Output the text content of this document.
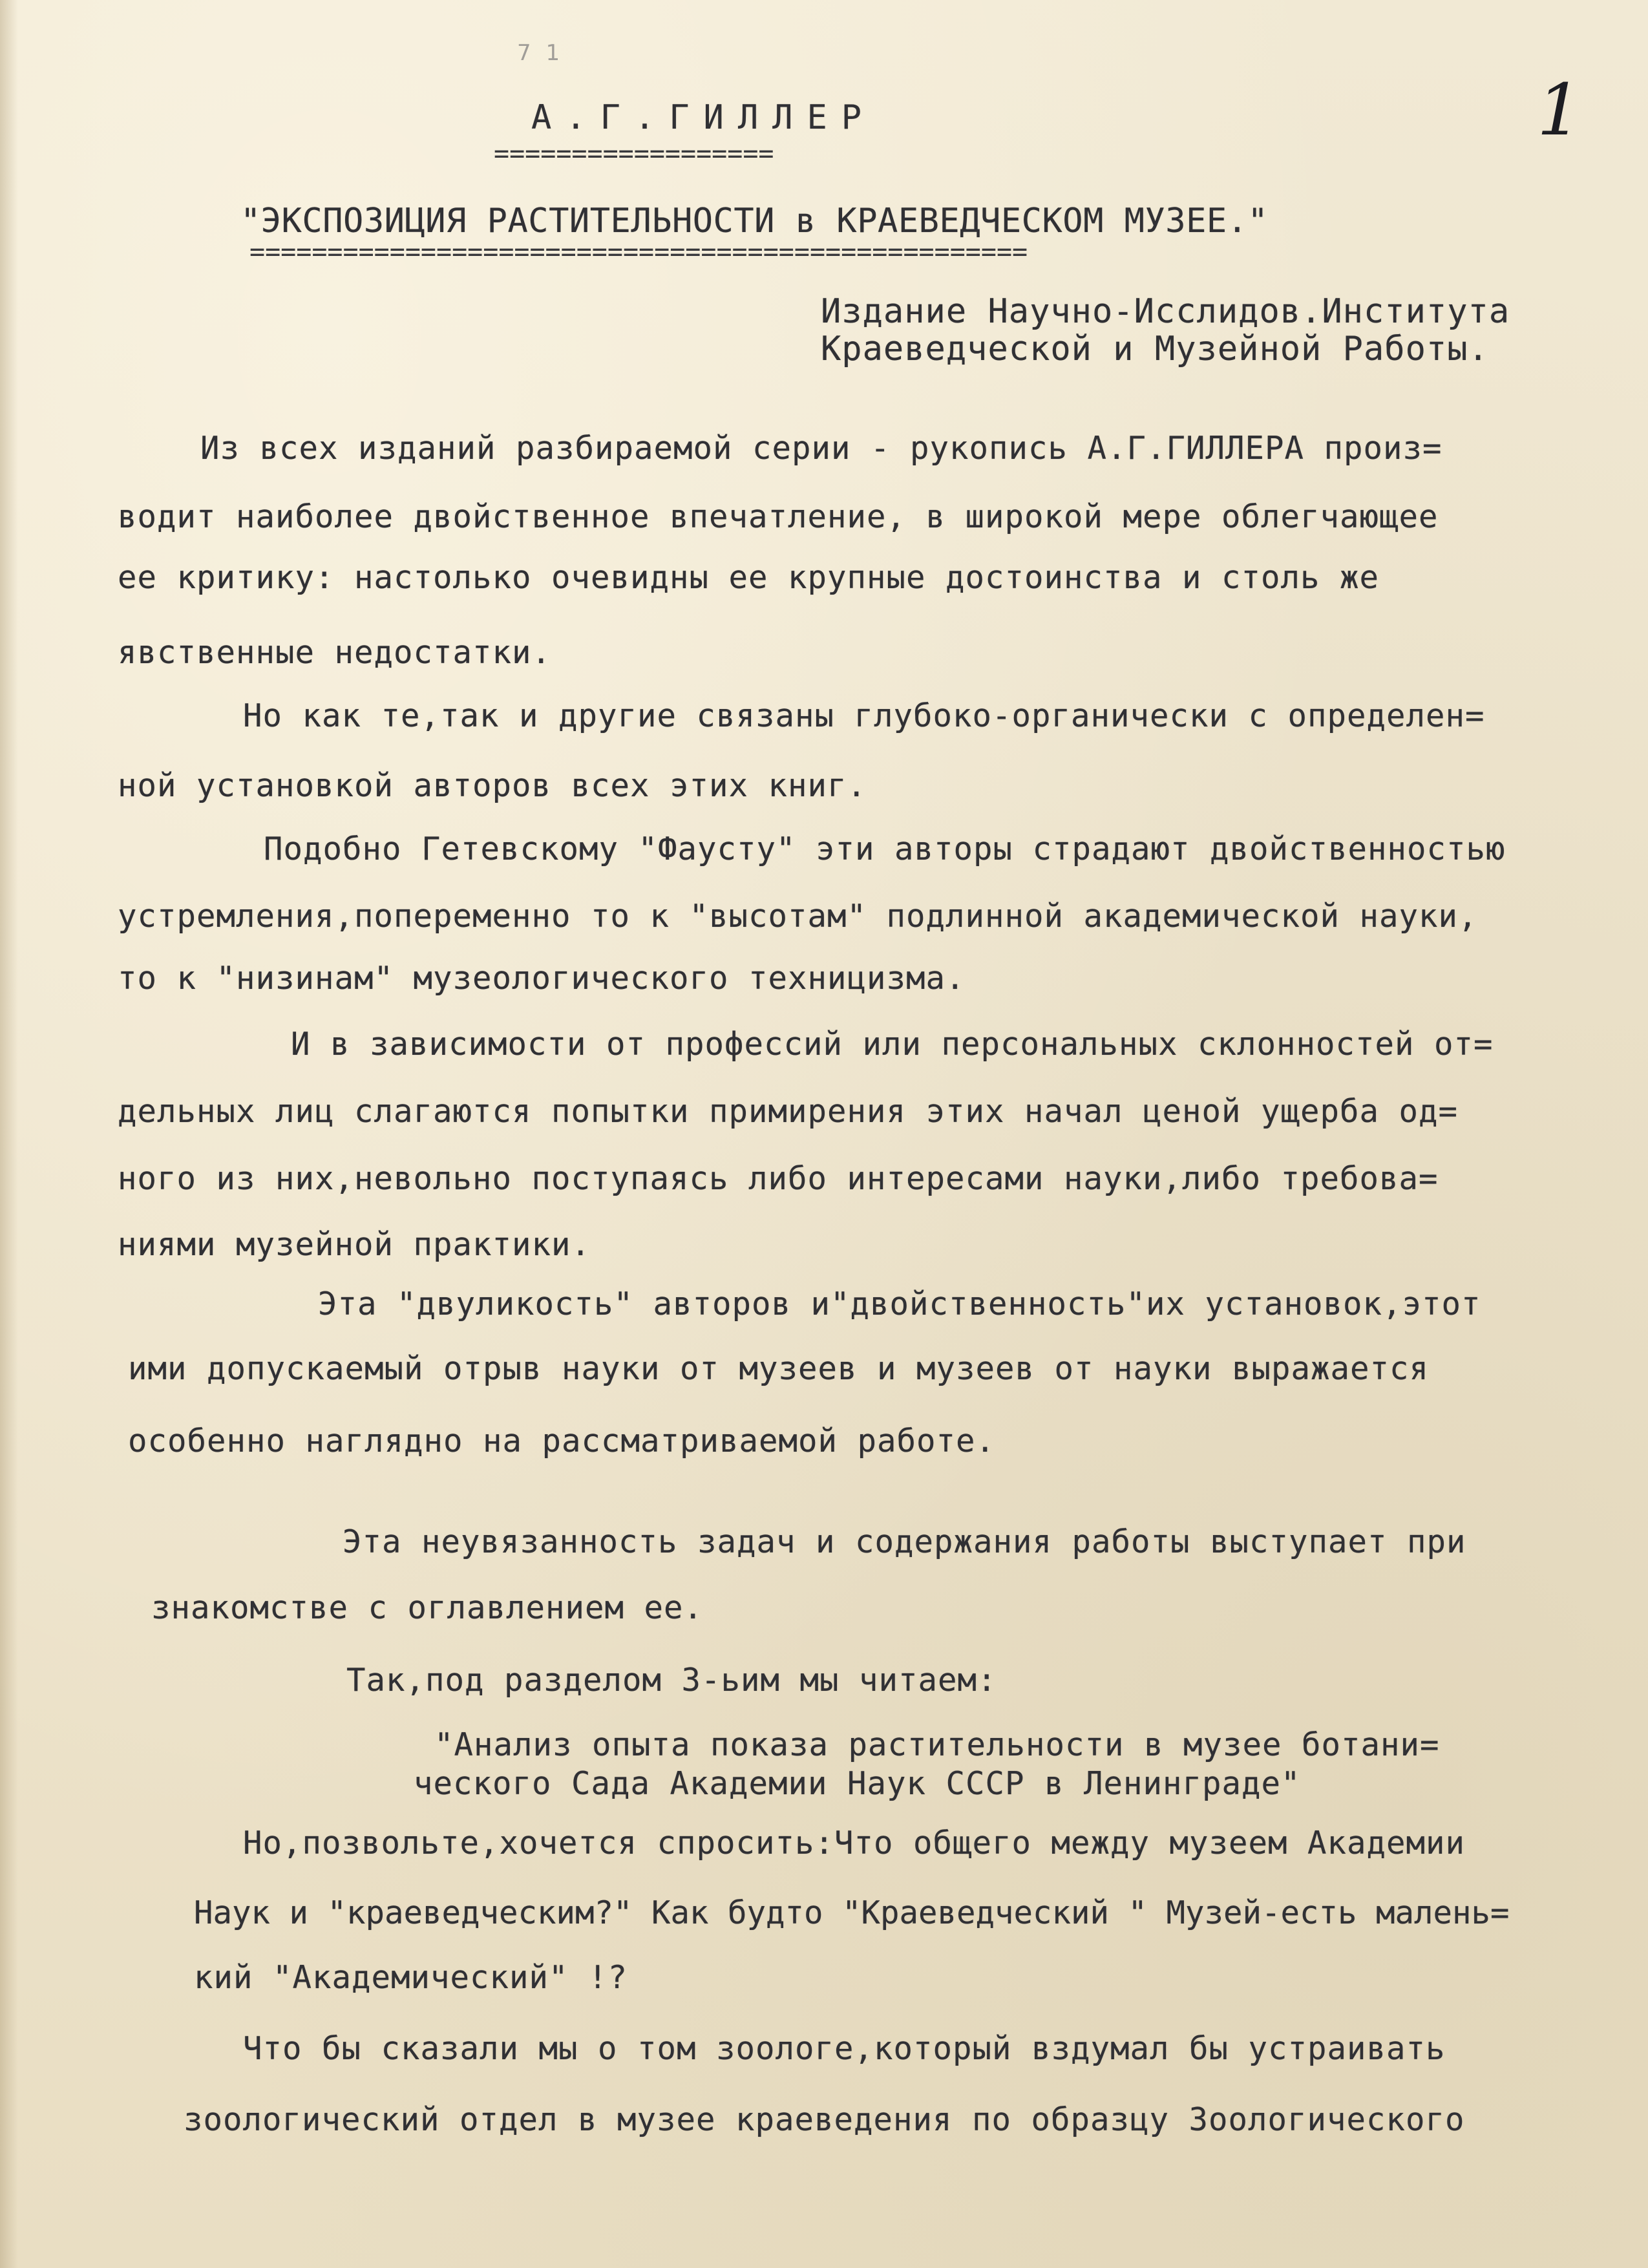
7 1
1
А.Г.ГИЛЛЕР
==================
"ЭКСПОЗИЦИЯ РАСТИТЕЛЬНОСТИ в КРАЕВЕДЧЕСКОМ МУЗЕЕ."
==================================================
Издание Научно-Исслидов.Института
Краеведческой и Музейной Работы.
Из всех изданий разбираемой серии - рукопись А.Г.ГИЛЛЕРА произ=
водит наиболее двойственное впечатление, в широкой мере облегчающее
ее критику: настолько очевидны ее крупные достоинства и столь же
явственные недостатки.
Но как те,так и другие связаны глубоко-органически с определен=
ной установкой авторов всех этих книг.
Подобно Гетевскому "Фаусту" эти авторы страдают двойственностью
устремления,попеременно то к "высотам" подлинной академической науки,
то к "низинам" музеологического техницизма.
И в зависимости от профессий или персональных склонностей от=
дельных лиц слагаются попытки примирения этих начал ценой ущерба од=
ного из них,невольно поступаясь либо интересами науки,либо требова=
ниями музейной практики.
Эта "двуликость" авторов и"двойственность"их установок,этот
ими допускаемый отрыв науки от музеев и музеев от науки выражается
особенно наглядно на рассматриваемой работе.
Эта неувязанность задач и содержания работы выступает при
знакомстве с оглавлением ее.
Так,под разделом 3-ьим мы читаем:
"Анализ опыта показа растительности в музее ботани=
ческого Сада Академии Наук СССР в Ленинграде"
Но,позвольте,хочется спросить:Что общего между музеем Академии
Наук и "краеведческим?" Как будто "Краеведческий " Музей-есть малень=
кий "Академический" !?
Что бы сказали мы о том зоологе,который вздумал бы устраивать
зоологический отдел в музее краеведения по образцу Зоологического
